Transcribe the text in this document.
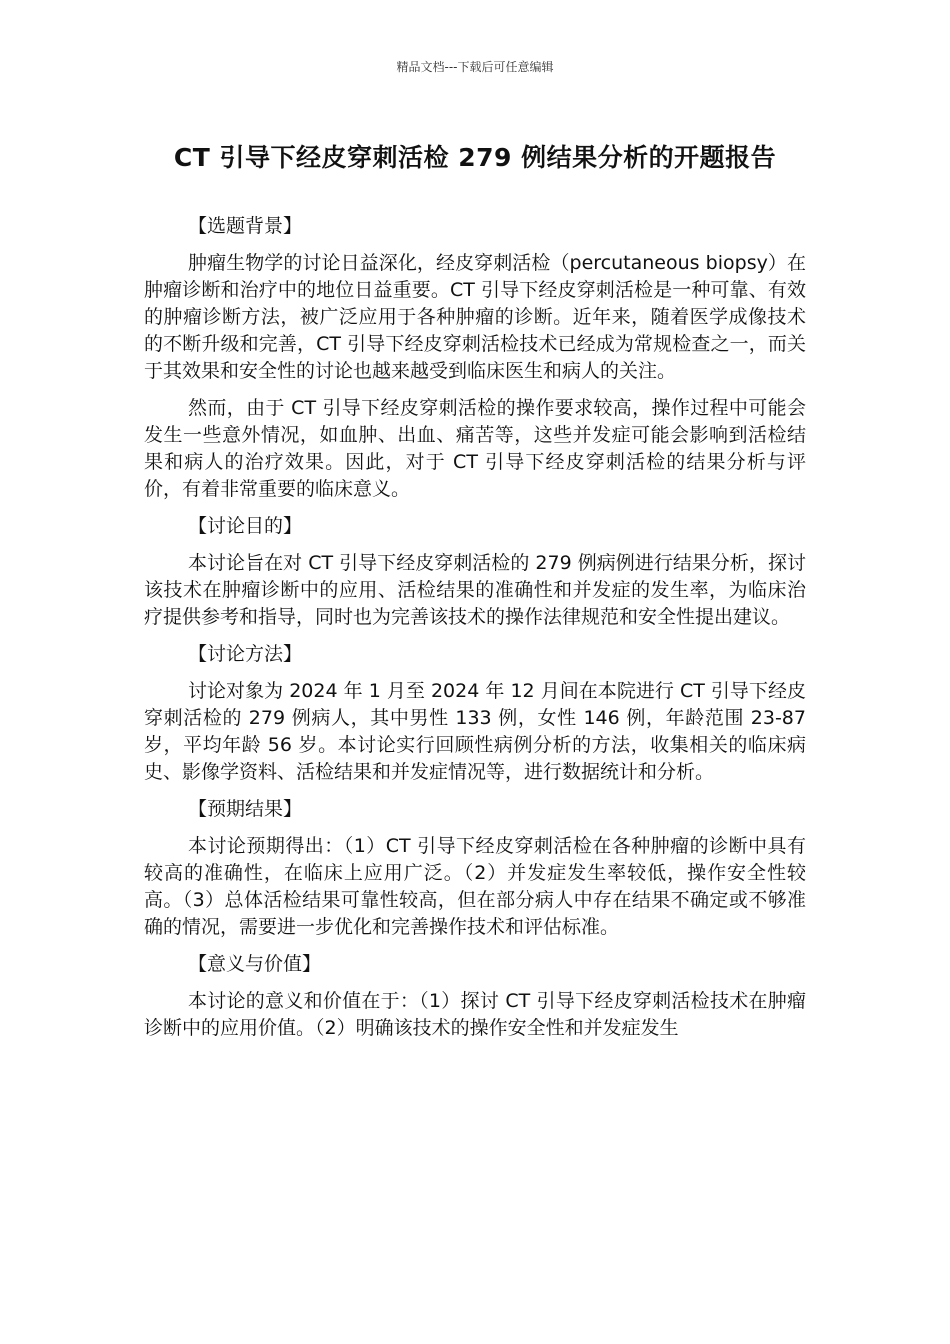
精品文档---下载后可任意编辑
CT 引导下经皮穿刺活检 279 例结果分析的开题报告
【选题背景】

肿瘤生物学的讨论日益深化，经皮穿刺活检（percutaneous biopsy）在肿瘤诊断和治疗中的地位日益重要。CT 引导下经皮穿刺活检是一种可靠、有效的肿瘤诊断方法，被广泛应用于各种肿瘤的诊断。近年来，随着医学成像技术的不断升级和完善，CT 引导下经皮穿刺活检技术已经成为常规检查之一，而关于其效果和安全性的讨论也越来越受到临床医生和病人的关注。

然而，由于 CT 引导下经皮穿刺活检的操作要求较高，操作过程中可能会发生一些意外情况，如血肿、出血、痛苦等，这些并发症可能会影响到活检结果和病人的治疗效果。因此，对于 CT 引导下经皮穿刺活检的结果分析与评价，有着非常重要的临床意义。

【讨论目的】

本讨论旨在对 CT 引导下经皮穿刺活检的 279 例病例进行结果分析，探讨该技术在肿瘤诊断中的应用、活检结果的准确性和并发症的发生率，为临床治疗提供参考和指导，同时也为完善该技术的操作法律规范和安全性提出建议。

【讨论方法】

讨论对象为 2024 年 1 月至 2024 年 12 月间在本院进行 CT 引导下经皮穿刺活检的 279 例病人，其中男性 133 例，女性 146 例，年龄范围 23-87 岁，平均年龄 56 岁。本讨论实行回顾性病例分析的方法，收集相关的临床病史、影像学资料、活检结果和并发症情况等，进行数据统计和分析。

【预期结果】

本讨论预期得出：（1）CT 引导下经皮穿刺活检在各种肿瘤的诊断中具有较高的准确性，在临床上应用广泛。（2）并发症发生率较低，操作安全性较高。（3）总体活检结果可靠性较高，但在部分病人中存在结果不确定或不够准确的情况，需要进一步优化和完善操作技术和评估标准。

【意义与价值】

本讨论的意义和价值在于：（1）探讨 CT 引导下经皮穿刺活检技术在肿瘤诊断中的应用价值。（2）明确该技术的操作安全性和并发症发生
